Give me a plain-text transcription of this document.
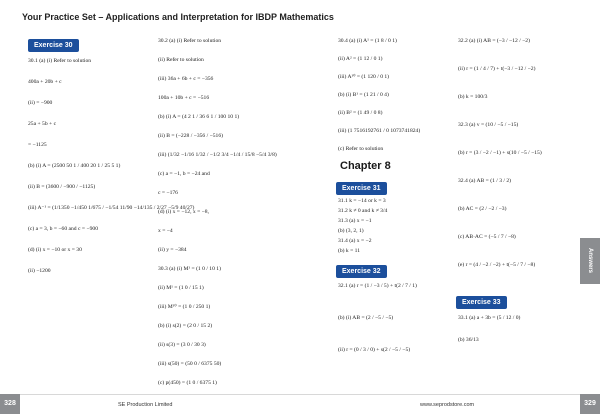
Your Practice Set – Applications and Interpretation for IBDP Mathematics
Exercise 30
30.1 (a) (i) Refer to solution
400a + 20b + c
(ii) = −900
25a + 5b + c
= −1125
(b) (i) A = (2500 50 1 / 400 20 1 / 25 5 1)
(ii) B = (3600 / −900 / −1125)
(iii) A⁻¹ = (1/1350 −1/450 1/675 / −1/54 11/90 −14/135 / 2/27 −5/9 40/27)
(c) a = 3, b = −60 and c = −900
(d) (i) x = −10 or x = 30
(ii) −1200
30.2 (a) (i) Refer to solution
(ii) Refer to solution
(iii) 36a + 6b + c = −356
100a + 10b + c = −516
(b) (i) A = (4 2 1 / 36 6 1 / 100 10 1)
(ii) B = (−228 / −356 / −516)
(iii) (1/32 −1/16 1/32 / −1/2 3/4 −1/4 / 15/8 −5/4 3/8)
(c) a = −1, b = −24 and
c = −176
(d) (i) x = −12, x = −8,
x = −4
(ii) y = −384
30.3 (a) (i) M¹ = (1 0 / 10 1)
(ii) M¹ = (1 0 / 15 1)
(iii) M¹⁰ = (1 0 / 250 1)
(b) (i) s(2) = (2 0 / 15 2)
(ii) s(3) = (3 0 / 30 3)
(iii) s(50) = (50 0 / 6375 50)
(c) p(450) = (1 0 / 6375 1)
30.4 (a) (i) A¹ = (1 8 / 0 1)
(ii) A² = (1 12 / 0 1)
(iii) A¹⁰ = (1 120 / 0 1)
(b) (i) B¹ = (1 21 / 0 4)
(ii) B² = (1 49 / 0 8)
(iii) (1 7516192761 / 0 1073741824)
(c) Refer to solution
Chapter 8
Exercise 31
31.1 k = −14 or k = 3
31.2 k ≠ 0 and k ≠ 3/4
31.3 (a) x = −1
(b) (3, 2, 1)
31.4 (a) x = −2
(b) k = 11
Exercise 32
32.1 (a) r = (1 / −3 / 5) + t(2 / 7 / 1)
(b) (i) AB = (2 / −5 / −5)
(ii) r = (0 / 3 / 0) + s(2 / −5 / −5)
32.2 (a) (i) AB = (−3 / −12 / −2)
(ii) r = (1 / 4 / 7) + t(−3 / −12 / −2)
(b) k = 100/3
32.3 (a) v = (10 / −5 / −15)
(b) r = (3 / −2 / −1) + s(10 / −5 / −15)
32.4 (a) AB = (1 / 3 / 2)
(b) AC = (2 / −2 / −3)
(c) AB·AC = (−5 / 7 / −8)
(e) r = (4 / −2 / −2) + t(−5 / 7 / −8)
Exercise 33
33.1 (a) a + 3b = (5 / 12 / 0)
(b) 36/13
Answers
328	329
SE Production Limited	www.seprodstore.com
